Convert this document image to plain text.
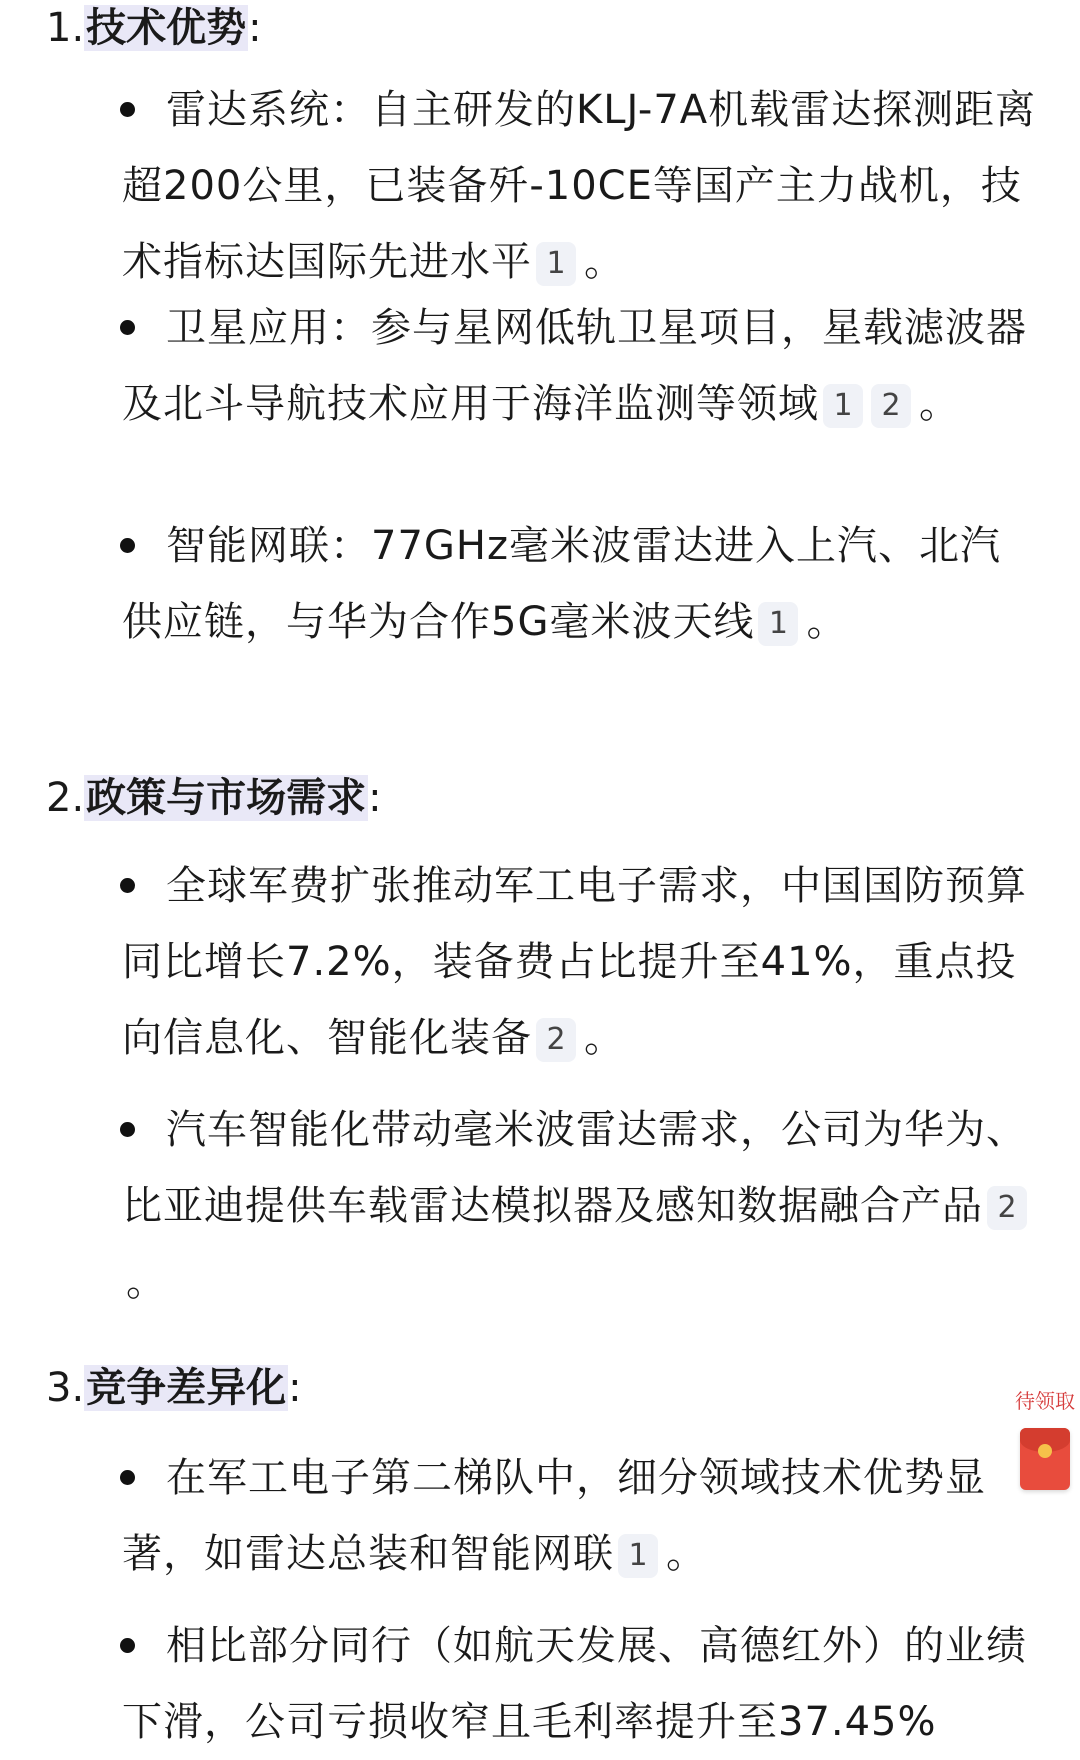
1.技术优势:
雷达系统：自主研发的KLJ-7A机载雷达探测距离超200公里，已装备歼-10CE等国产主力战机，技术指标达国际先进水平 1 。
卫星应用：参与星网低轨卫星项目，星载滤波器及北斗导航技术应用于海洋监测等领域 1 2 。
智能网联：77GHz毫米波雷达进入上汽、北汽供应链，与华为合作5G毫米波天线 1 。
2.政策与市场需求:
全球军费扩张推动军工电子需求，中国国防预算同比增长7.2%，装备费占比提升至41%，重点投向信息化、智能化装备 2 。
汽车智能化带动毫米波雷达需求，公司为华为、比亚迪提供车载雷达模拟器及感知数据融合产品 2。
3.竞争差异化:
在军工电子第二梯队中，细分领域技术优势显著，如雷达总装和智能网联 1 。
相比部分同行（如航天发展、高德红外）的业绩下滑，公司亏损收窄且毛利率提升至37.45%
待领取
